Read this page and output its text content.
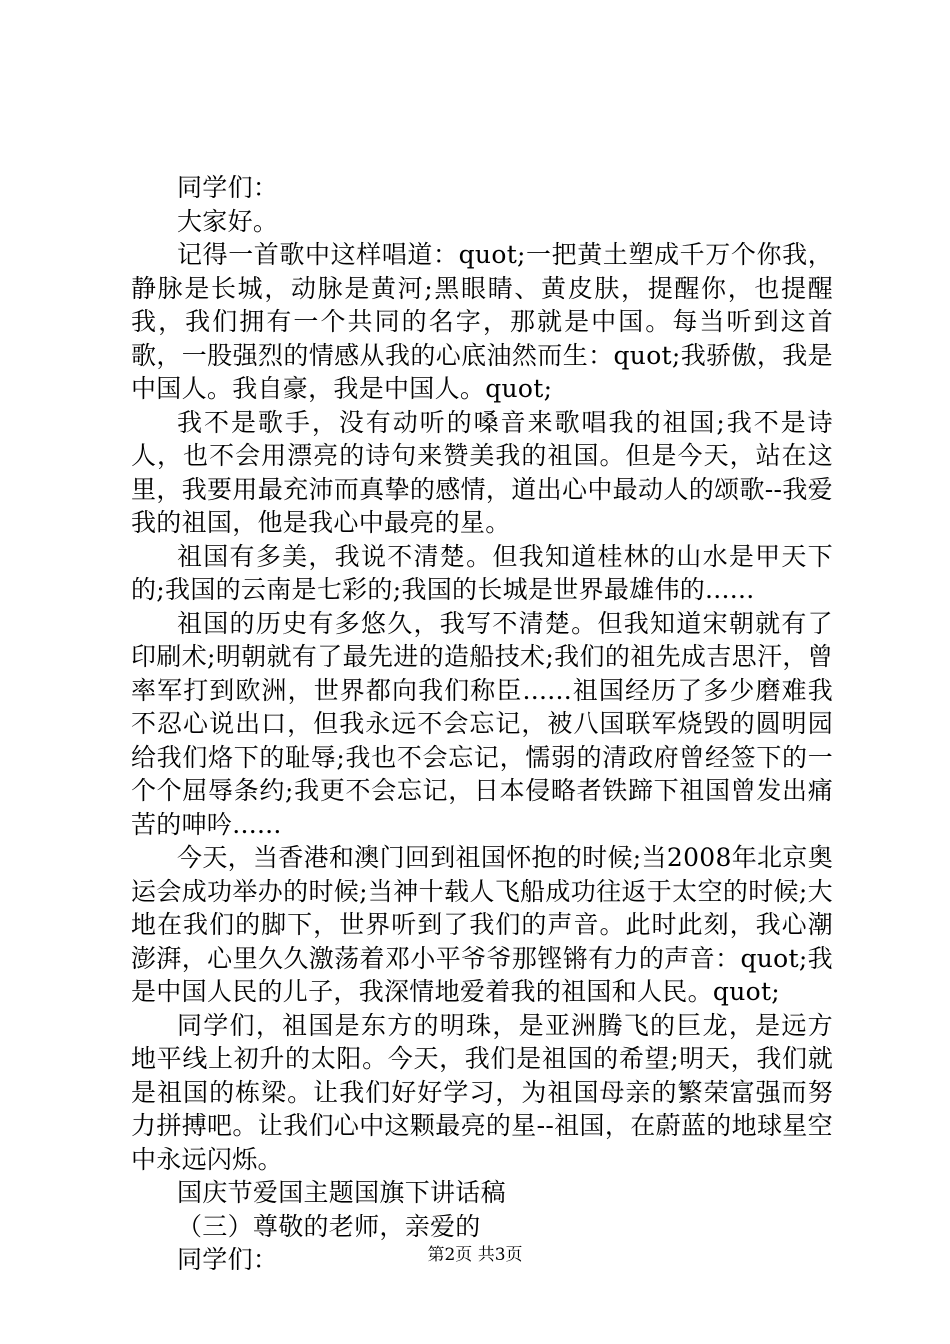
同学们：

大家好。

记得一首歌中这样唱道：quot;一把黄土塑成千万个你我，静脉是长城，动脉是黄河;黑眼睛、黄皮肤，提醒你，也提醒我，我们拥有一个共同的名字，那就是中国。每当听到这首歌，一股强烈的情感从我的心底油然而生：quot;我骄傲，我是中国人。我自豪，我是中国人。quot;

我不是歌手，没有动听的嗓音来歌唱我的祖国;我不是诗人，也不会用漂亮的诗句来赞美我的祖国。但是今天，站在这里，我要用最充沛而真挚的感情，道出心中最动人的颂歌--我爱我的祖国，他是我心中最亮的星。

祖国有多美，我说不清楚。但我知道桂林的山水是甲天下的;我国的云南是七彩的;我国的长城是世界最雄伟的......

祖国的历史有多悠久，我写不清楚。但我知道宋朝就有了印刷术;明朝就有了最先进的造船技术;我们的祖先成吉思汗，曾率军打到欧洲，世界都向我们称臣......祖国经历了多少磨难我不忍心说出口，但我永远不会忘记，被八国联军烧毁的圆明园给我们烙下的耻辱;我也不会忘记，懦弱的清政府曾经签下的一个个屈辱条约;我更不会忘记，日本侵略者铁蹄下祖国曾发出痛苦的呻吟......

今天，当香港和澳门回到祖国怀抱的时候;当2008年北京奥运会成功举办的时候;当神十载人飞船成功往返于太空的时候;大地在我们的脚下，世界听到了我们的声音。此时此刻，我心潮澎湃，心里久久激荡着邓小平爷爷那铿锵有力的声音：quot;我是中国人民的儿子，我深情地爱着我的祖国和人民。quot;

同学们，祖国是东方的明珠，是亚洲腾飞的巨龙，是远方地平线上初升的太阳。今天，我们是祖国的希望;明天，我们就是祖国的栋梁。让我们好好学习，为祖国母亲的繁荣富强而努力拼搏吧。让我们心中这颗最亮的星--祖国，在蔚蓝的地球星空中永远闪烁。

国庆节爱国主题国旗下讲话稿

（三）尊敬的老师，亲爱的

同学们：	第2页 共3页
